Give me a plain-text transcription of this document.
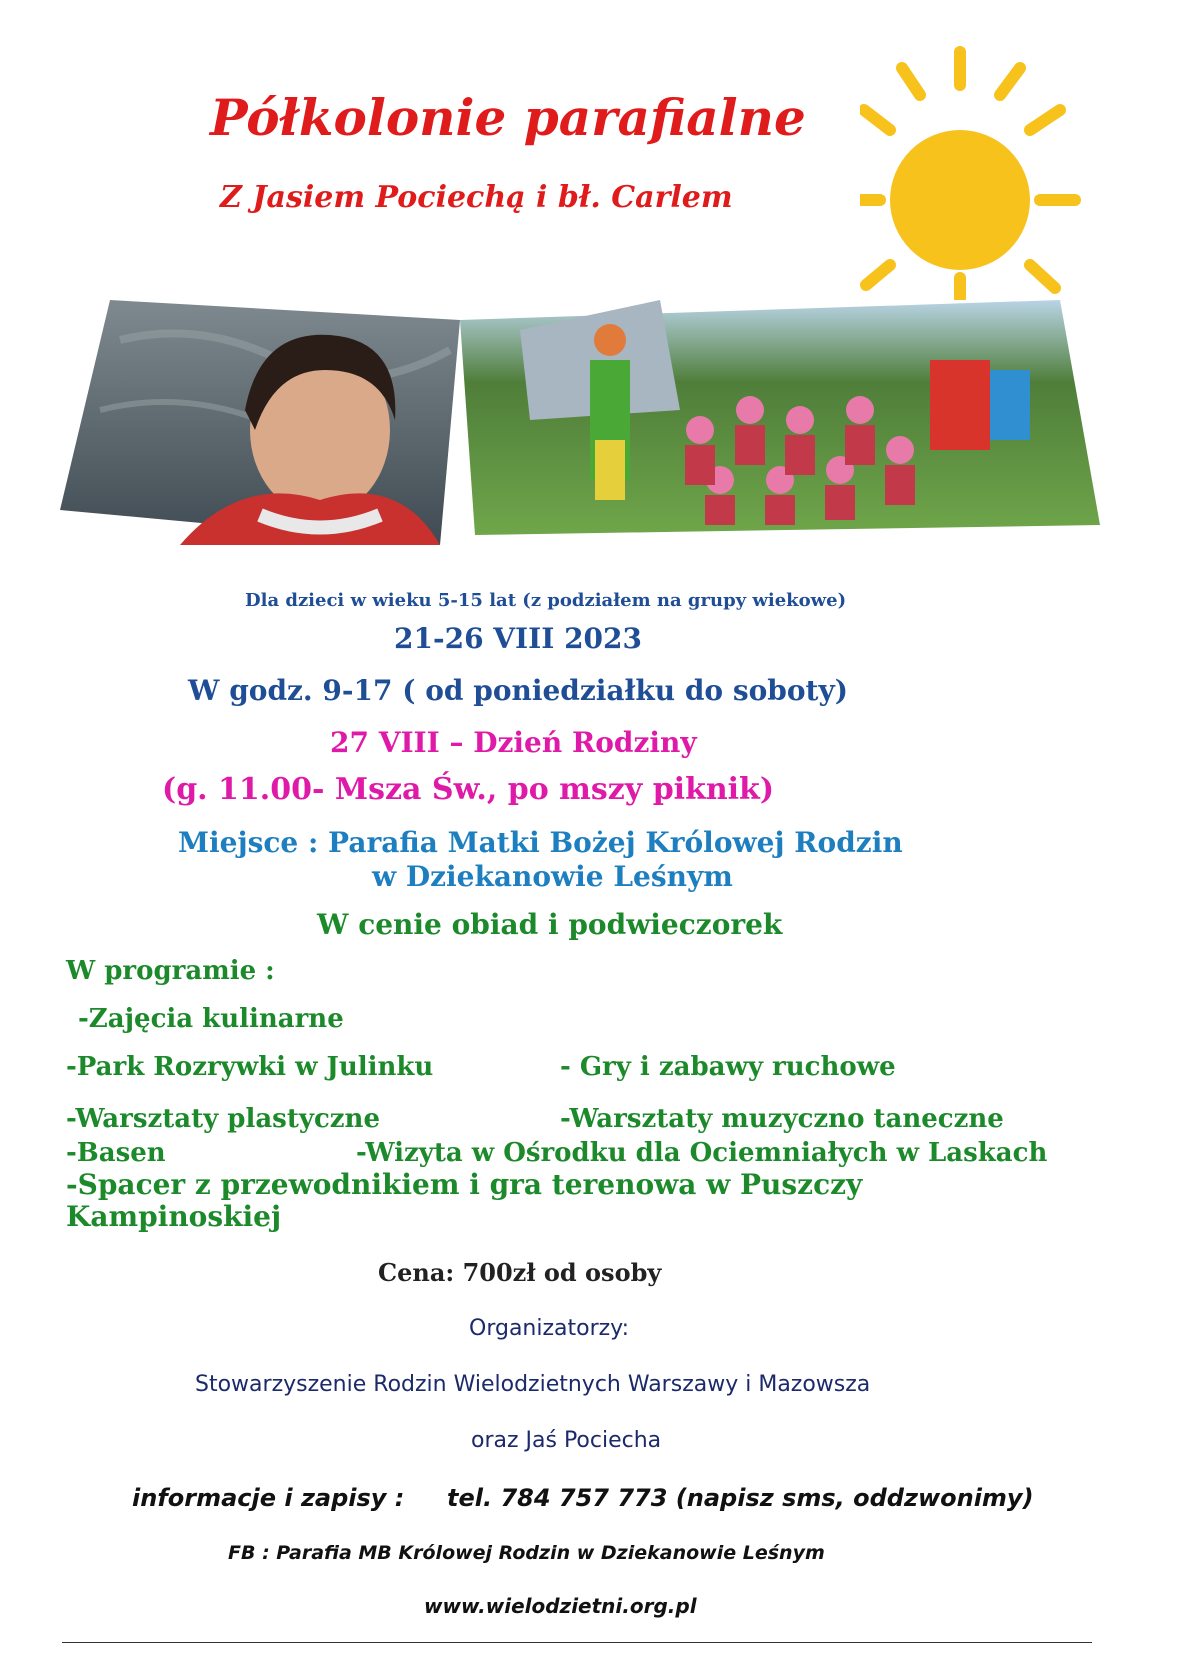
Półkolonie parafialne
Z Jasiem Pociechą i bł. Carlem
Dla dzieci w wieku 5-15 lat (z podziałem na grupy wiekowe)
21-26 VIII 2023
W godz. 9-17 ( od poniedziałku do soboty)
27 VIII – Dzień Rodziny
(g. 11.00- Msza Św., po mszy piknik)
Miejsce : Parafia Matki Bożej Królowej Rodzin
w Dziekanowie Leśnym
W cenie obiad i podwieczorek
W programie :
-Zajęcia kulinarne
-Park Rozrywki w Julinku	- Gry i zabawy ruchowe
-Warsztaty plastyczne	-Warsztaty muzyczno taneczne
-Basen	-Wizyta w Ośrodku dla Ociemniałych w Laskach
-Spacer z przewodnikiem i gra terenowa w Puszczy
Kampinoskiej
Cena: 700zł od osoby
Organizatorzy:
Stowarzyszenie Rodzin Wielodzietnych Warszawy i Mazowsza
oraz Jaś Pociecha
informacje i zapisy : tel. 784 757 773 (napisz sms, oddzwonimy)
FB : Parafia MB Królowej Rodzin w Dziekanowie Leśnym
www.wielodzietni.org.pl
